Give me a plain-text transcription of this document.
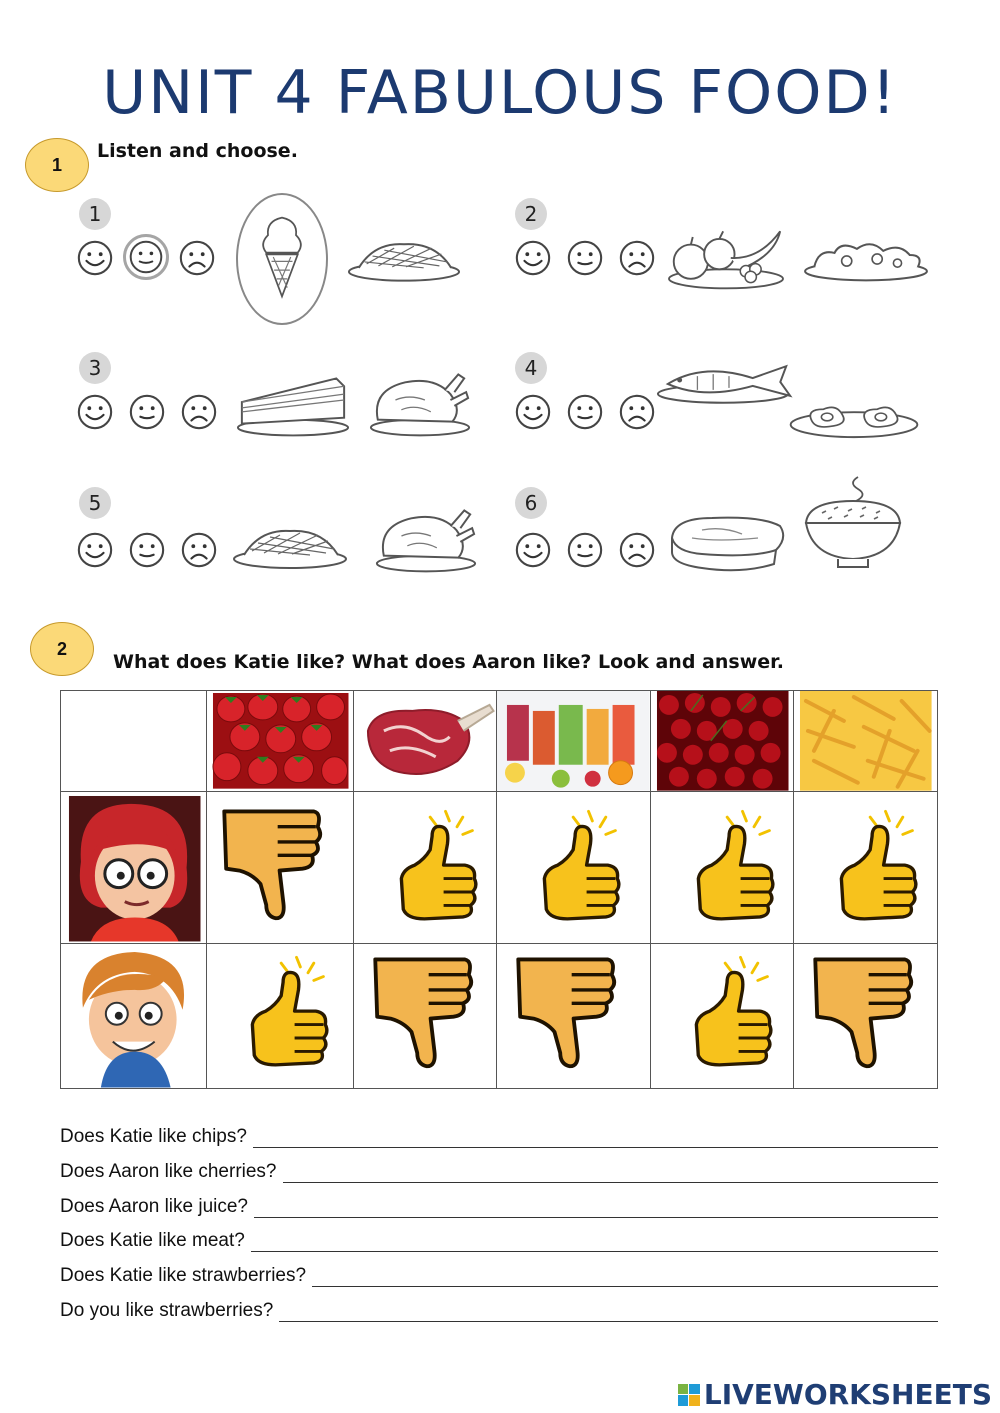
UNIT 4 FABULOUS FOOD!
1
Listen and choose.
1	2
3	4
5	6
2
What does Katie like? What does Aaron like? Look and answer.

Does Katie like chips?
Does Aaron like cherries?
Does Aaron like juice?
Does Katie like meat?
Does Katie like strawberries?
Do you like strawberries?
LIVEWORKSHEETS
